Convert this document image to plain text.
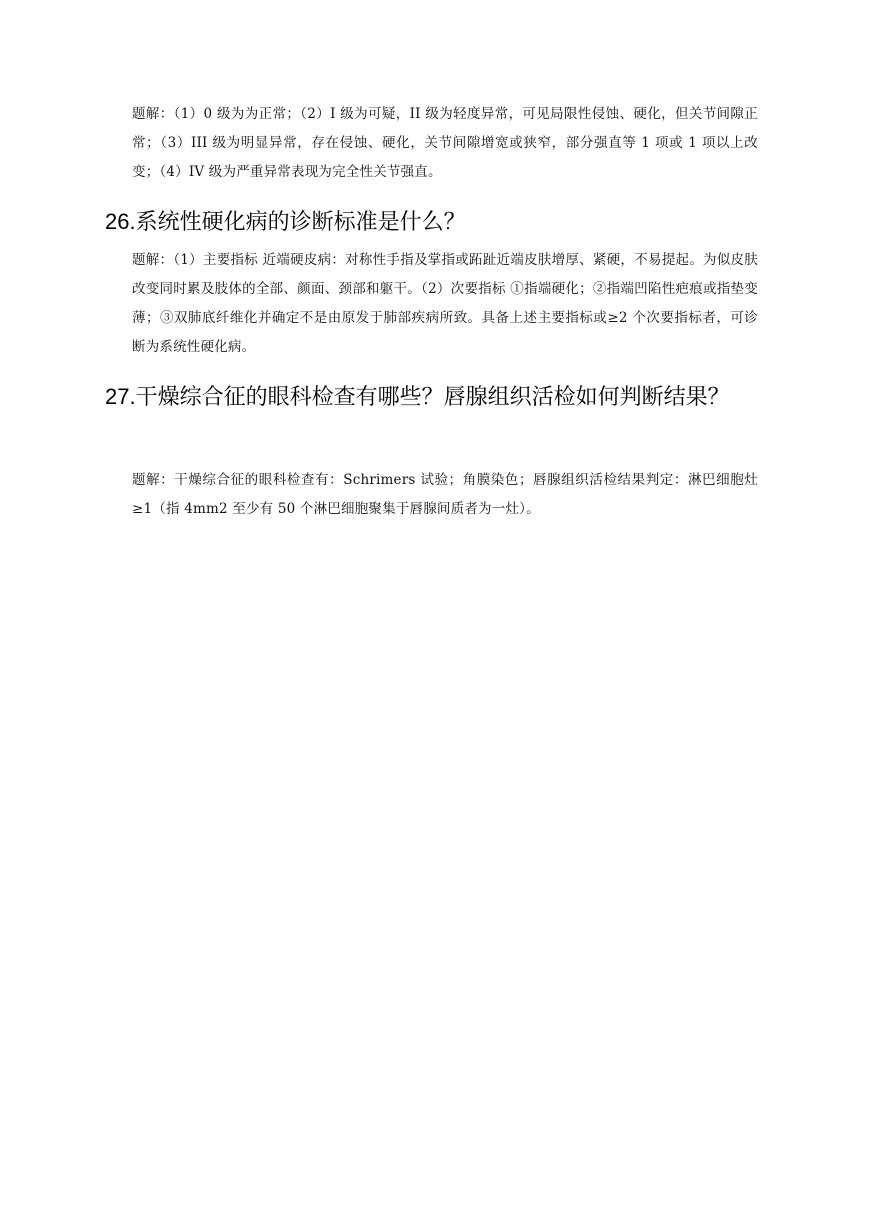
题解：（1）0 级为为正常；（2）I 级为可疑，II 级为轻度异常，可见局限性侵蚀、硬化，但关节间隙正常；（3）III 级为明显异常，存在侵蚀、硬化，关节间隙增宽或狭窄，部分强直等 1 项或 1 项以上改变；（4）IV 级为严重异常表现为完全性关节强直。

26.系统性硬化病的诊断标准是什么？

题解：（1）主要指标 近端硬皮病：对称性手指及掌指或跖趾近端皮肤增厚、紧硬，不易提起。为似皮肤改变同时累及肢体的全部、颜面、颈部和躯干。（2）次要指标 ①指端硬化；②指端凹陷性疤痕或指垫变薄；③双肺底纤维化并确定不是由原发于肺部疾病所致。具备上述主要指标或≥2 个次要指标者，可诊断为系统性硬化病。

27.干燥综合征的眼科检查有哪些？唇腺组织活检如何判断结果？

题解：干燥综合征的眼科检查有：Schrimers 试验；角膜染色；唇腺组织活检结果判定：淋巴细胞灶≥1（指 4mm2 至少有 50 个淋巴细胞聚集于唇腺间质者为一灶）。
